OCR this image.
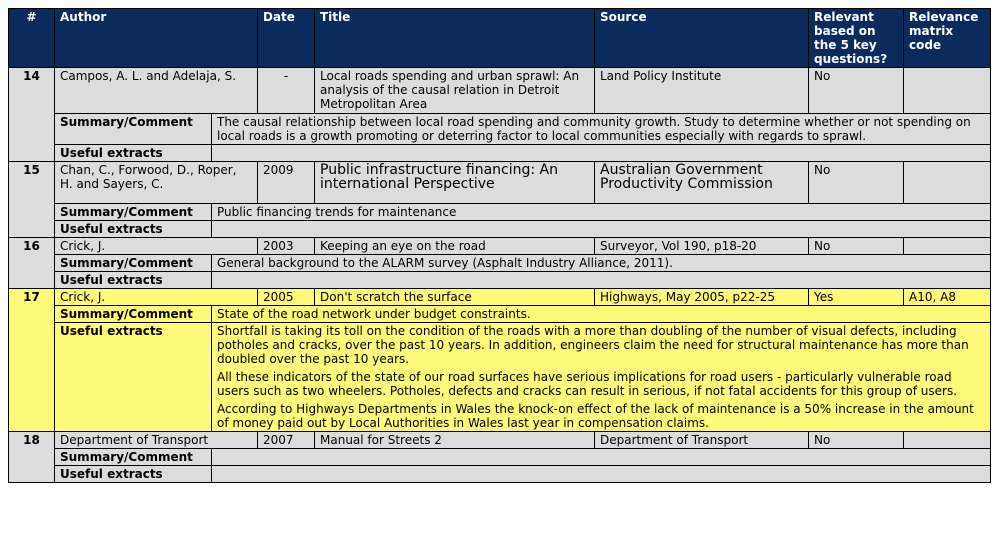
#	Author		Date	Title	Source	Relevant based on the 5 key questions?	Relevance matrix code
14	Campos, A. L. and Adelaja, S.		-	Local roads spending and urban sprawl: An analysis of the causal relation in Detroit Metropolitan Area	Land Policy Institute	No	
	Summary/Comment	The causal relationship between local road spending and community growth. Study to determine whether or not spending on local roads is a growth promoting or deterring factor to local communities especially with regards to sprawl.					
	Useful extracts						
15	Chan, C., Forwood, D., Roper, H. and Sayers, C.		2009	Public infrastructure financing: An international Perspective	Australian Government Productivity Commission	No	
	Summary/Comment	Public financing trends for maintenance					
	Useful extracts						
16	Crick, J.		2003	Keeping an eye on the road	Surveyor, Vol 190, p18-20	No	
	Summary/Comment	General background to the ALARM survey (Asphalt Industry Alliance, 2011).					
	Useful extracts						
17	Crick, J.		2005	Don't scratch the surface	Highways, May 2005, p22-25	Yes	A10, A8
	Summary/Comment	State of the road network under budget constraints.					
	Useful extracts	Shortfall is taking its toll on the condition of the roads with a more than doubling of the number of visual defects, including potholes and cracks, over the past 10 years. In addition, engineers claim the need for structural maintenance has more than doubled over the past 10 years.

All these indicators of the state of our road surfaces have serious implications for road users - particularly vulnerable road users such as two wheelers. Potholes, defects and cracks can result in serious, if not fatal accidents for this group of users.

According to Highways Departments in Wales the knock-on effect of the lack of maintenance is a 50% increase in the amount of money paid out by Local Authorities in Wales last year in compensation claims.					

18	Department of Transport		2007	Manual for Streets 2	Department of Transport	No	
	Summary/Comment						
	Useful extracts						
